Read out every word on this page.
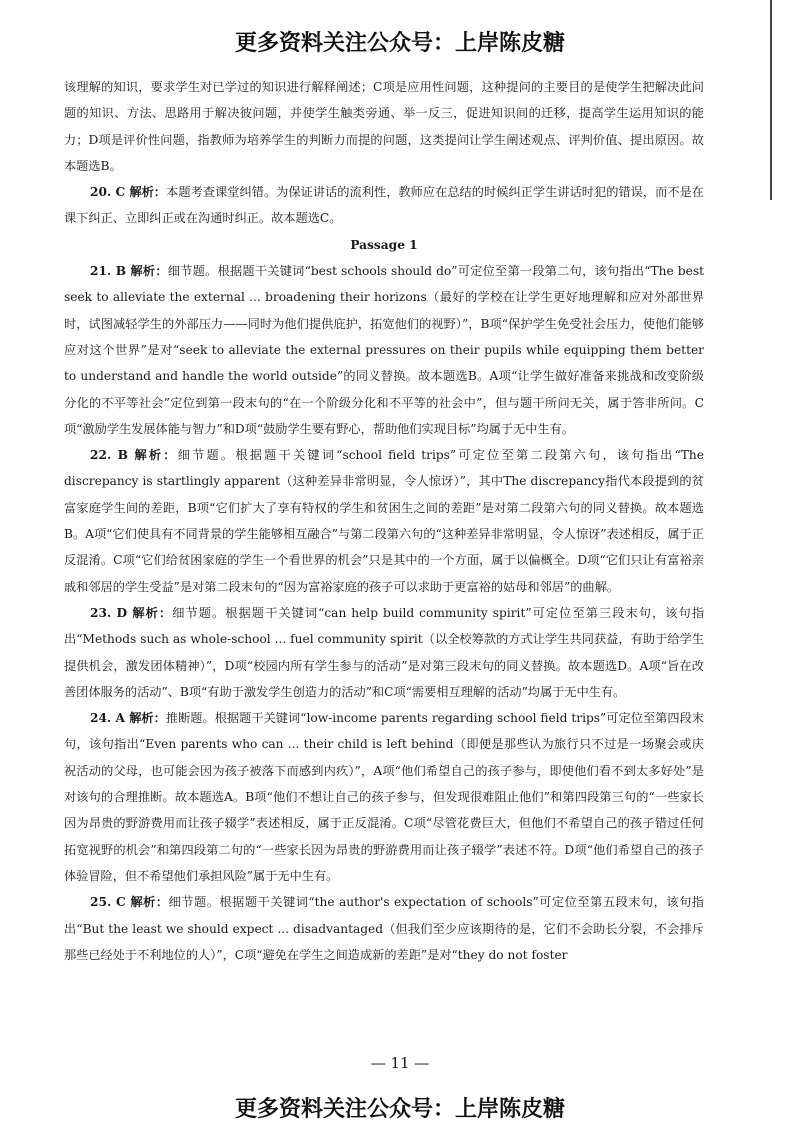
更多资料关注公众号：上岸陈皮糖

该理解的知识，要求学生对已学过的知识进行解释阐述；C项是应用性问题，这种提问的主要目的是使学生把解决此问题的知识、方法、思路用于解决彼问题，并使学生触类旁通、举一反三，促进知识间的迁移，提高学生运用知识的能力；D项是评价性问题，指教师为培养学生的判断力而提的问题，这类提问让学生阐述观点、评判价值、提出原因。故本题选B。

20. C 解析：本题考查课堂纠错。为保证讲话的流利性，教师应在总结的时候纠正学生讲话时犯的错误，而不是在课下纠正、立即纠正或在沟通时纠正。故本题选C。

Passage 1

21. B 解析：细节题。根据题干关键词“best schools should do”可定位至第一段第二句，该句指出“The best seek to alleviate the external ... broadening their horizons（最好的学校在让学生更好地理解和应对外部世界时，试图减轻学生的外部压力——同时为他们提供庇护，拓宽他们的视野）”，B项“保护学生免受社会压力，使他们能够应对这个世界”是对“seek to alleviate the external pressures on their pupils while equipping them better to understand and handle the world outside”的同义替换。故本题选B。A项“让学生做好准备来挑战和改变阶级分化的不平等社会”定位到第一段末句的“在一个阶级分化和不平等的社会中”，但与题干所问无关，属于答非所问。C项“激励学生发展体能与智力”和D项“鼓励学生要有野心，帮助他们实现目标”均属于无中生有。

22. B 解析：细节题。根据题干关键词“school field trips”可定位至第二段第六句，该句指出“The discrepancy is startlingly apparent（这种差异非常明显，令人惊讶）”，其中The discrepancy指代本段提到的贫富家庭学生间的差距，B项“它们扩大了享有特权的学生和贫困生之间的差距”是对第二段第六句的同义替换。故本题选B。A项“它们使具有不同背景的学生能够相互融合”与第二段第六句的“这种差异非常明显，令人惊讶”表述相反，属于正反混淆。C项“它们给贫困家庭的学生一个看世界的机会”只是其中的一个方面，属于以偏概全。D项“它们只让有富裕亲戚和邻居的学生受益”是对第二段末句的“因为富裕家庭的孩子可以求助于更富裕的姑母和邻居”的曲解。

23. D 解析：细节题。根据题干关键词“can help build community spirit”可定位至第三段末句，该句指出“Methods such as whole-school ... fuel community spirit（以全校筹款的方式让学生共同获益，有助于给学生提供机会，激发团体精神）”，D项“校园内所有学生参与的活动”是对第三段末句的同义替换。故本题选D。A项“旨在改善团体服务的活动”、B项“有助于激发学生创造力的活动”和C项“需要相互理解的活动”均属于无中生有。

24. A 解析：推断题。根据题干关键词“low-income parents regarding school field trips”可定位至第四段末句，该句指出“Even parents who can ... their child is left behind（即便是那些认为旅行只不过是一场聚会或庆祝活动的父母，也可能会因为孩子被落下而感到内疚）”，A项“他们希望自己的孩子参与，即使他们看不到太多好处”是对该句的合理推断。故本题选A。B项“他们不想让自己的孩子参与，但发现很难阻止他们”和第四段第三句的“一些家长因为昂贵的野游费用而让孩子辍学”表述相反，属于正反混淆。C项“尽管花费巨大，但他们不希望自己的孩子错过任何拓宽视野的机会”和第四段第二句的“一些家长因为昂贵的野游费用而让孩子辍学”表述不符。D项“他们希望自己的孩子体验冒险，但不希望他们承担风险”属于无中生有。

25. C 解析：细节题。根据题干关键词“the author's expectation of schools”可定位至第五段末句，该句指出“But the least we should expect ... disadvantaged（但我们至少应该期待的是，它们不会助长分裂，不会排斥那些已经处于不利地位的人）”，C项“避免在学生之间造成新的差距”是对“they do not foster

— 11 —
更多资料关注公众号：上岸陈皮糖
